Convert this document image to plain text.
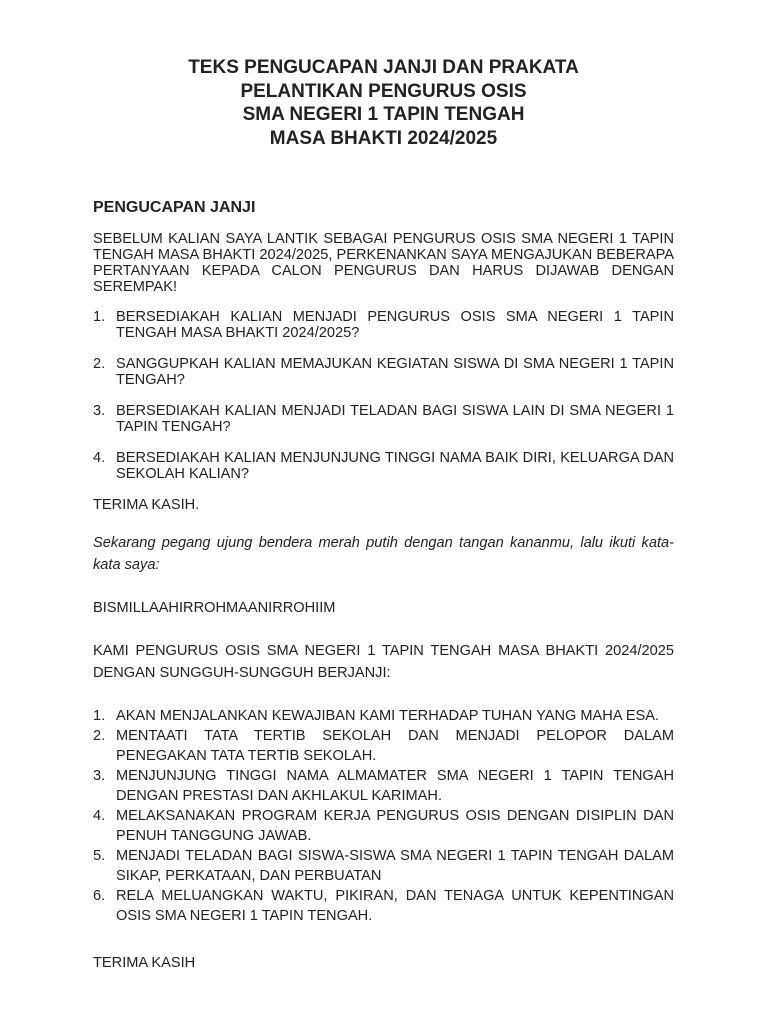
TEKS PENGUCAPAN JANJI DAN PRAKATA
PELANTIKAN PENGURUS OSIS
SMA NEGERI 1 TAPIN TENGAH
MASA BHAKTI 2024/2025
PENGUCAPAN JANJI

SEBELUM KALIAN SAYA LANTIK SEBAGAI PENGURUS OSIS SMA NEGERI 1 TAPIN TENGAH MASA BHAKTI 2024/2025, PERKENANKAN SAYA MENGAJUKAN BEBERAPA PERTANYAAN KEPADA CALON PENGURUS DAN HARUS DIJAWAB DENGAN SEREMPAK!

1. BERSEDIAKAH KALIAN MENJADI PENGURUS OSIS SMA NEGERI 1 TAPIN TENGAH MASA BHAKTI 2024/2025?
2. SANGGUPKAH KALIAN MEMAJUKAN KEGIATAN SISWA DI SMA NEGERI 1 TAPIN TENGAH?
3. BERSEDIAKAH KALIAN MENJADI TELADAN BAGI SISWA LAIN DI SMA NEGERI 1 TAPIN TENGAH?
4. BERSEDIAKAH KALIAN MENJUNJUNG TINGGI NAMA BAIK DIRI, KELUARGA DAN SEKOLAH KALIAN?
TERIMA KASIH.

Sekarang pegang ujung bendera merah putih dengan tangan kananmu, lalu ikuti kata-kata saya:

BISMILLAAHIRROHMAANIRROHIIM

KAMI PENGURUS OSIS SMA NEGERI 1 TAPIN TENGAH MASA BHAKTI 2024/2025 DENGAN SUNGGUH-SUNGGUH BERJANJI:

1. AKAN MENJALANKAN KEWAJIBAN KAMI TERHADAP TUHAN YANG MAHA ESA.
2. MENTAATI TATA TERTIB SEKOLAH DAN MENJADI PELOPOR DALAM PENEGAKAN TATA TERTIB SEKOLAH.
3. MENJUNJUNG TINGGI NAMA ALMAMATER SMA NEGERI 1 TAPIN TENGAH DENGAN PRESTASI DAN AKHLAKUL KARIMAH.
4. MELAKSANAKAN PROGRAM KERJA PENGURUS OSIS DENGAN DISIPLIN DAN PENUH TANGGUNG JAWAB.
5. MENJADI TELADAN BAGI SISWA-SISWA SMA NEGERI 1 TAPIN TENGAH DALAM SIKAP, PERKATAAN, DAN PERBUATAN
6. RELA MELUANGKAN WAKTU, PIKIRAN, DAN TENAGA UNTUK KEPENTINGAN OSIS SMA NEGERI 1 TAPIN TENGAH.
TERIMA KASIH
